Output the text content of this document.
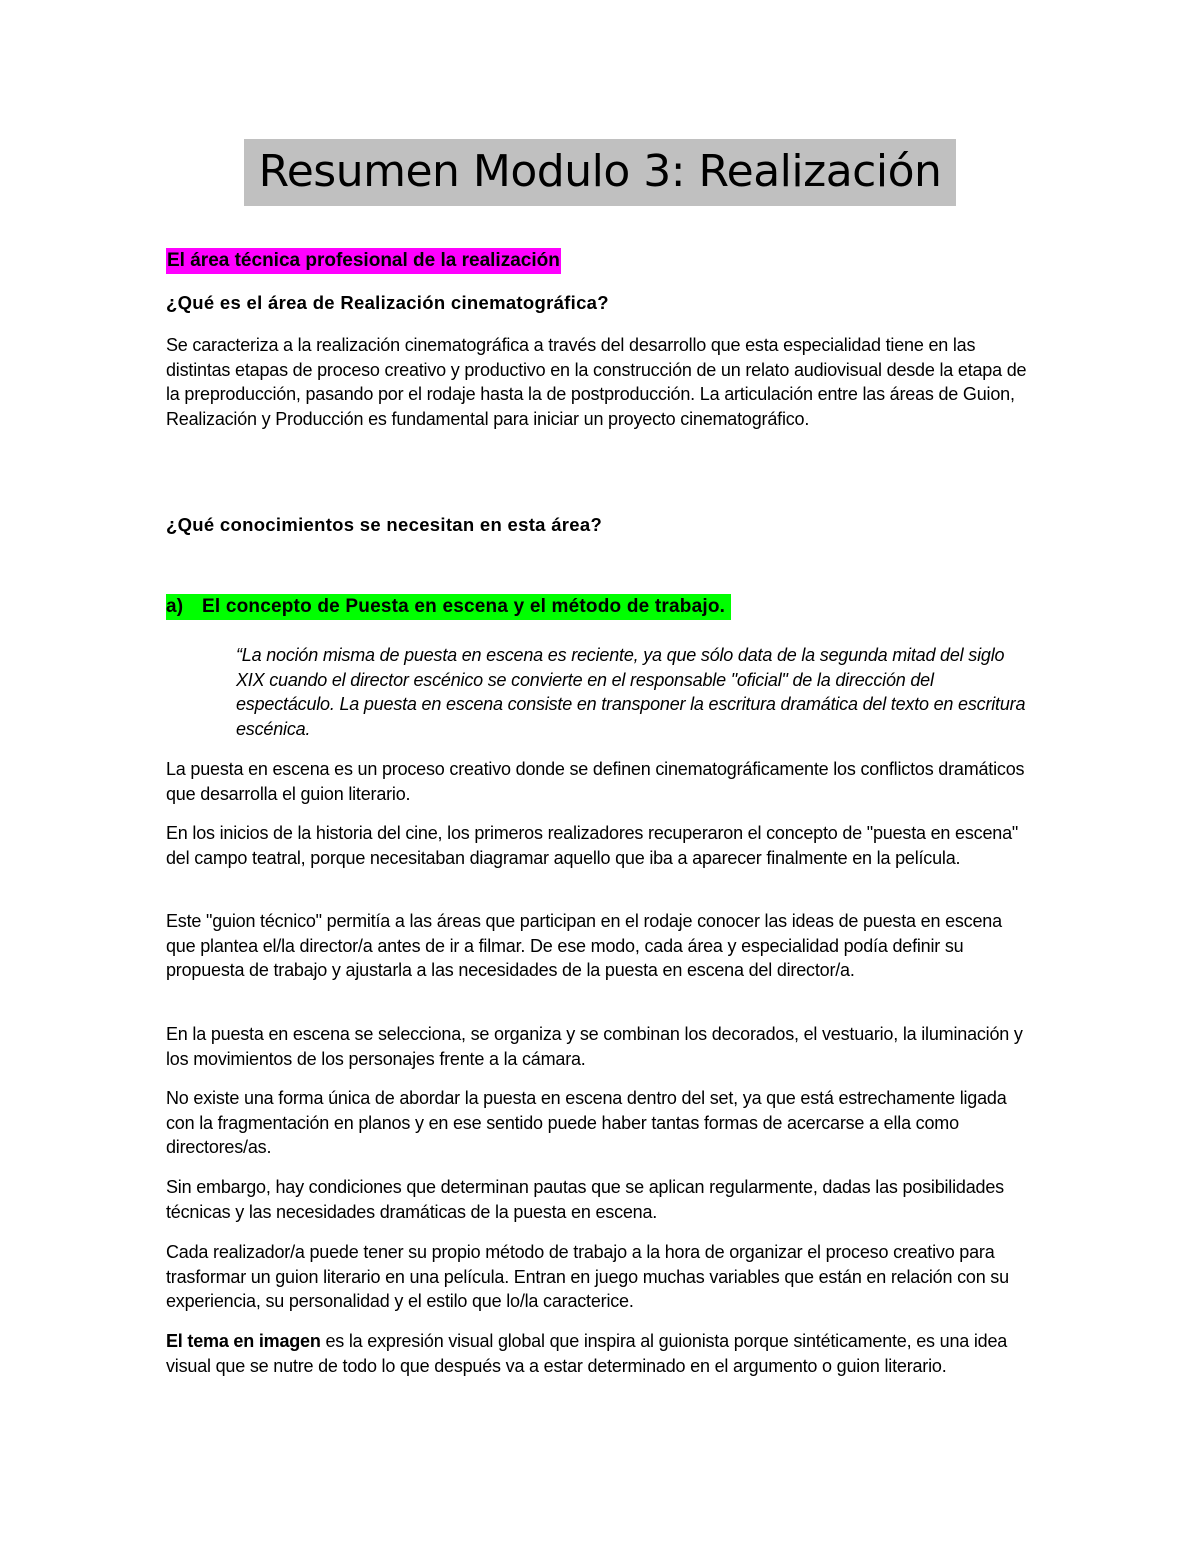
Resumen Modulo 3: Realización
El área técnica profesional de la realización
¿Qué es el área de Realización cinematográfica?
Se caracteriza a la realización cinematográfica a través del desarrollo que esta especialidad tiene en las distintas etapas de proceso creativo y productivo en la construcción de un relato audiovisual desde la etapa de la preproducción, pasando por el rodaje hasta la de postproducción. La articulación entre las áreas de Guion, Realización y Producción es fundamental para iniciar un proyecto cinematográfico.
¿Qué conocimientos se necesitan en esta área?
a) El concepto de Puesta en escena y el método de trabajo.
“La noción misma de puesta en escena es reciente, ya que sólo data de la segunda mitad del siglo XIX cuando el director escénico se convierte en el responsable "oficial" de la dirección del espectáculo. La puesta en escena consiste en transponer la escritura dramática del texto en escritura escénica.
La puesta en escena es un proceso creativo donde se definen cinematográficamente los conflictos dramáticos que desarrolla el guion literario.
En los inicios de la historia del cine, los primeros realizadores recuperaron el concepto de "puesta en escena" del campo teatral, porque necesitaban diagramar aquello que iba a aparecer finalmente en la película.
Este "guion técnico" permitía a las áreas que participan en el rodaje conocer las ideas de puesta en escena que plantea el/la director/a antes de ir a filmar. De ese modo, cada área y especialidad podía definir su propuesta de trabajo y ajustarla a las necesidades de la puesta en escena del director/a.
En la puesta en escena se selecciona, se organiza y se combinan los decorados, el vestuario, la iluminación y los movimientos de los personajes frente a la cámara.
No existe una forma única de abordar la puesta en escena dentro del set, ya que está estrechamente ligada con la fragmentación en planos y en ese sentido puede haber tantas formas de acercarse a ella como directores/as.
Sin embargo, hay condiciones que determinan pautas que se aplican regularmente, dadas las posibilidades técnicas y las necesidades dramáticas de la puesta en escena.
Cada realizador/a puede tener su propio método de trabajo a la hora de organizar el proceso creativo para trasformar un guion literario en una película. Entran en juego muchas variables que están en relación con su experiencia, su personalidad y el estilo que lo/la caracterice.
El tema en imagen es la expresión visual global que inspira al guionista porque sintéticamente, es una idea visual que se nutre de todo lo que después va a estar determinado en el argumento o guion literario.
